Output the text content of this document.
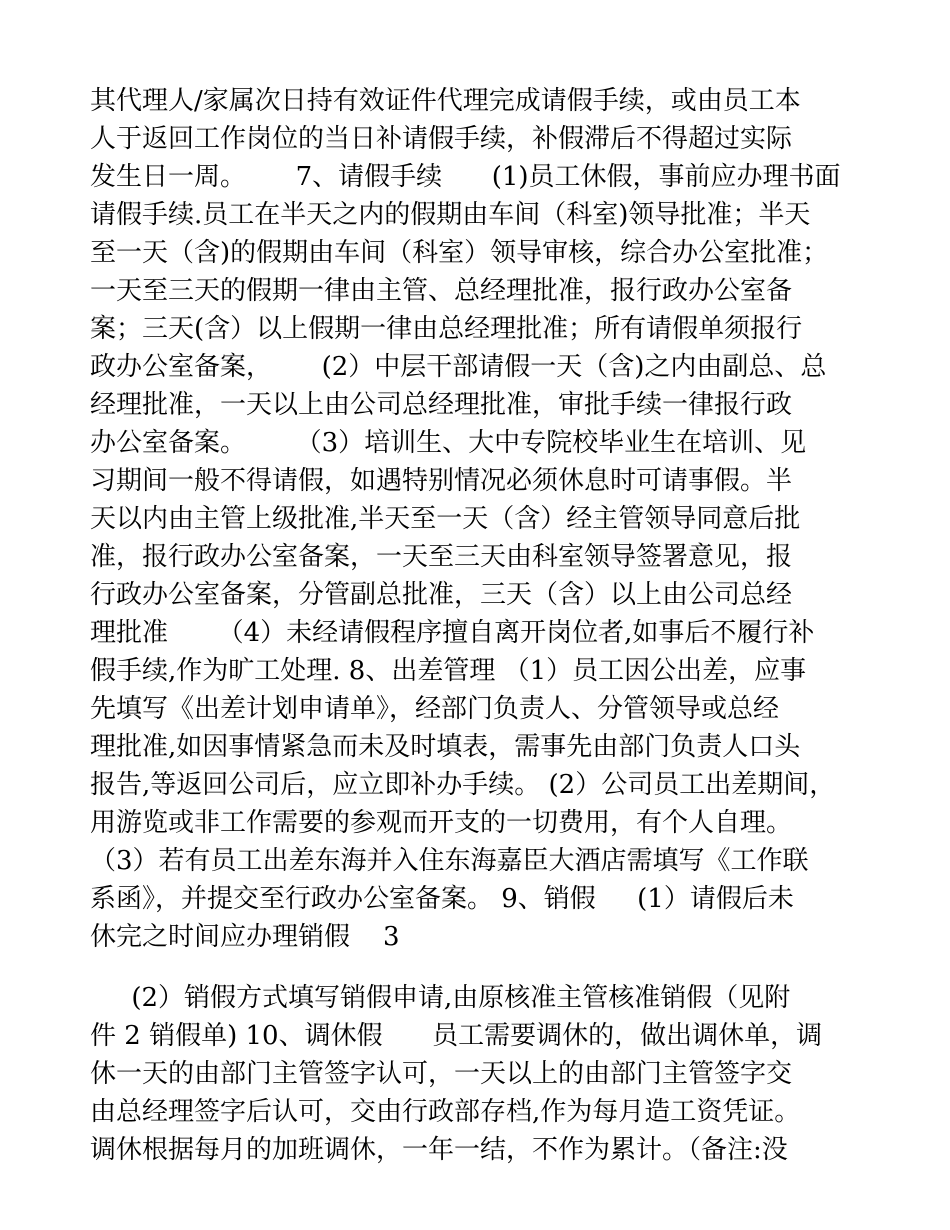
其代理人/家属次日持有效证件代理完成请假手续，或由员工本

人于返回工作岗位的当日补请假手续，补假滞后不得超过实际

发生日一周。      7、请假手续      (1)员工休假，事前应办理书面

请假手续.员工在半天之内的假期由车间（科室)领导批准；半天

至一天（含)的假期由车间（科室）领导审核，综合办公室批准；

一天至三天的假期一律由主管、总经理批准，报行政办公室备

案；三天(含）以上假期一律由总经理批准；所有请假单须报行

政办公室备案，      (2）中层干部请假一天（含)之内由副总、总

经理批准，一天以上由公司总经理批准，审批手续一律报行政

办公室备案。      （3）培训生、大中专院校毕业生在培训、见

习期间一般不得请假，如遇特别情况必须休息时可请事假。半

天以内由主管上级批准,半天至一天（含）经主管领导同意后批

准，报行政办公室备案，一天至三天由科室领导签署意见，报

行政办公室备案，分管副总批准，三天（含）以上由公司总经

理批准      （4）未经请假程序擅自离开岗位者,如事后不履行补

假手续,作为旷工处理. 8、出差管理 （1）员工因公出差，应事

先填写《出差计划申请单》，经部门负责人、分管领导或总经

理批准,如因事情紧急而未及时填表，需事先由部门负责人口头

报告,等返回公司后，应立即补办手续。 (2）公司员工出差期间，

用游览或非工作需要的参观而开支的一切费用，有个人自理。

（3）若有员工出差东海并入住东海嘉臣大酒店需填写《工作联

系函》，并提交至行政办公室备案。 9、销假     (1）请假后未

休完之时间应办理销假    3

(2）销假方式填写销假申请,由原核准主管核准销假（见附

件 2 销假单) 10、调休假      员工需要调休的，做出调休单，调

休一天的由部门主管签字认可，一天以上的由部门主管签字交

由总经理签字后认可，交由行政部存档,作为每月造工资凭证。

调休根据每月的加班调休，一年一结，不作为累计。（备注:没
